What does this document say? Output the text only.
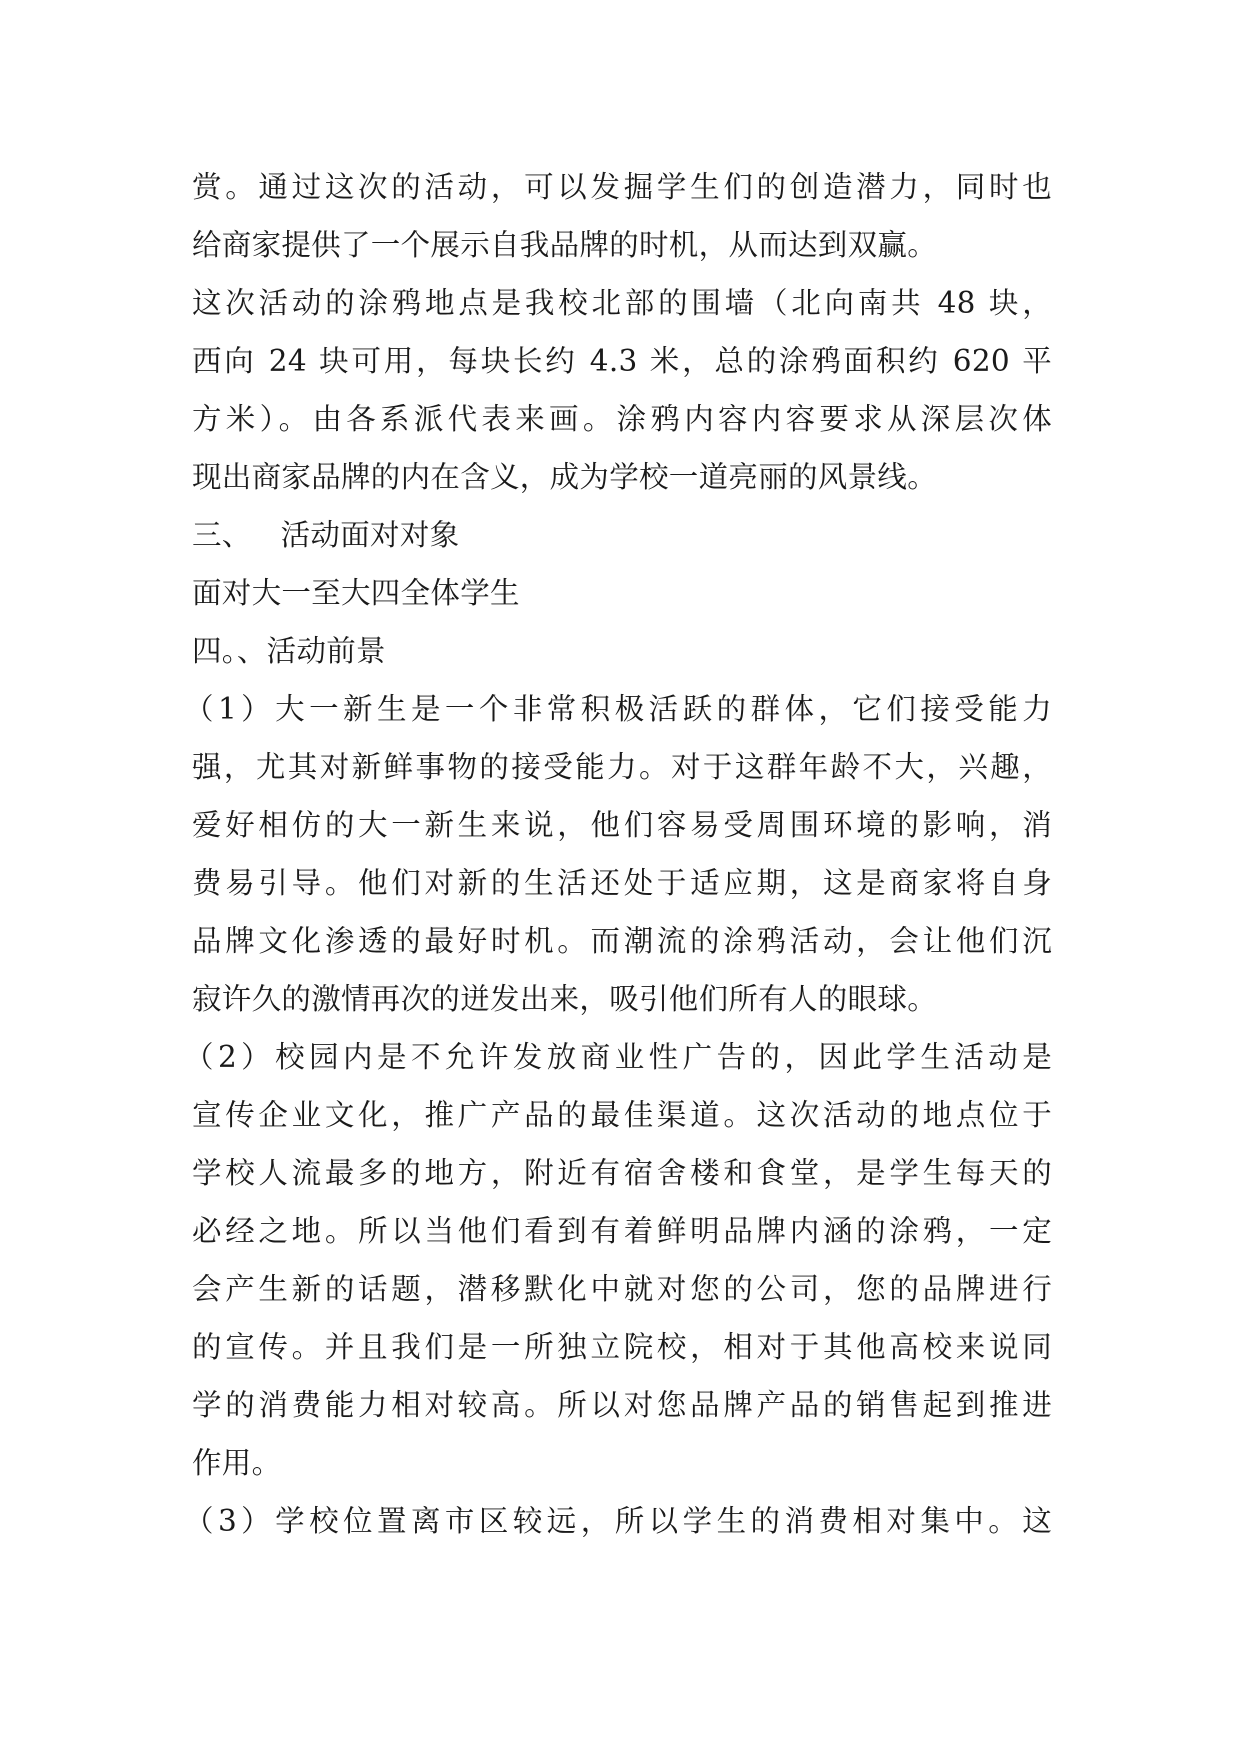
赏。通过这次的活动，可以发掘学生们的创造潜力，同时也
给商家提供了一个展示自我品牌的时机，从而达到双赢。
这次活动的涂鸦地点是我校北部的围墙（北向南共 48 块，
西向 24 块可用，每块长约 4.3 米，总的涂鸦面积约 620 平
方米）。由各系派代表来画。涂鸦内容内容要求从深层次体
现出商家品牌的内在含义，成为学校一道亮丽的风景线。
三、   活动面对对象
面对大一至大四全体学生
四。、活动前景
（1）大一新生是一个非常积极活跃的群体，它们接受能力
强，尤其对新鲜事物的接受能力。对于这群年龄不大，兴趣，
爱好相仿的大一新生来说，他们容易受周围环境的影响，消
费易引导。他们对新的生活还处于适应期，这是商家将自身
品牌文化渗透的最好时机。而潮流的涂鸦活动，会让他们沉
寂许久的激情再次的迸发出来，吸引他们所有人的眼球。
（2）校园内是不允许发放商业性广告的，因此学生活动是
宣传企业文化，推广产品的最佳渠道。这次活动的地点位于
学校人流最多的地方，附近有宿舍楼和食堂，是学生每天的
必经之地。所以当他们看到有着鲜明品牌内涵的涂鸦，一定
会产生新的话题，潜移默化中就对您的公司，您的品牌进行
的宣传。并且我们是一所独立院校，相对于其他高校来说同
学的消费能力相对较高。所以对您品牌产品的销售起到推进
作用。
（3）学校位置离市区较远，所以学生的消费相对集中。这
